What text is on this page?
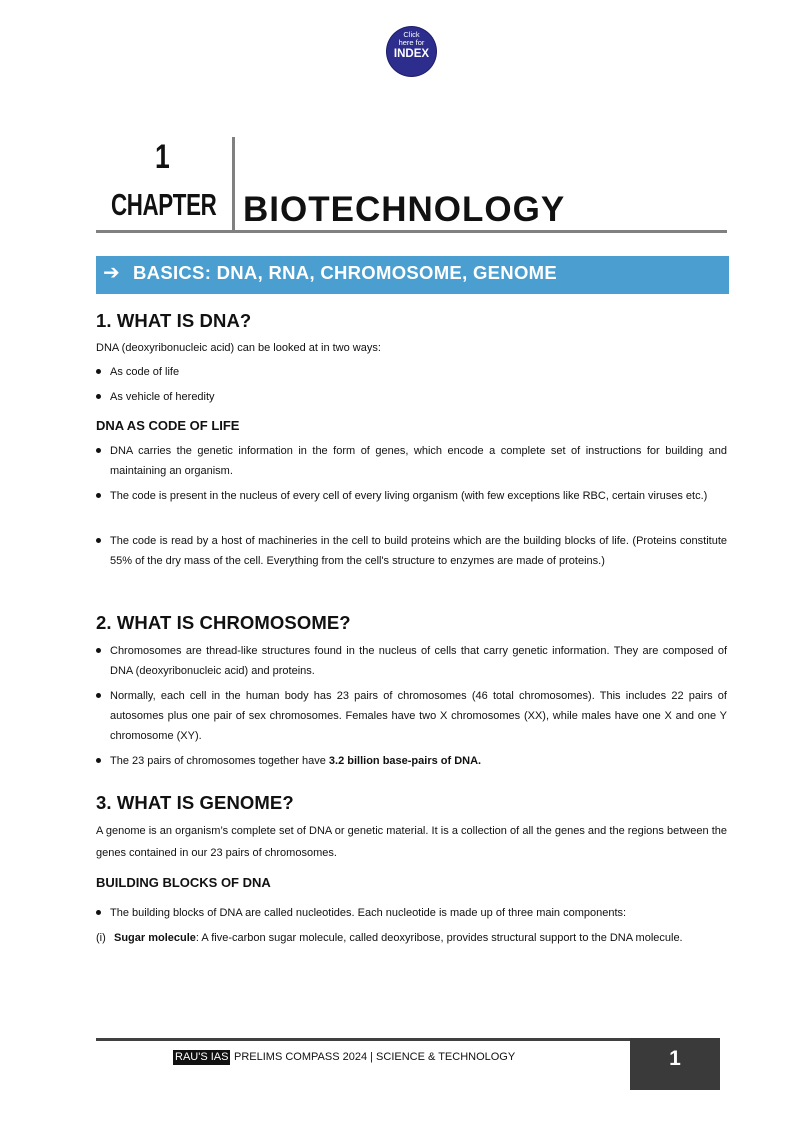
Click
here for
INDEX
1
CHAPTER BIOTECHNOLOGY
➔ BASICS: DNA, RNA, CHROMOSOME, GENOME
1. WHAT IS DNA?
DNA (deoxyribonucleic acid) can be looked at in two ways:
As code of life
As vehicle of heredity
DNA AS CODE OF LIFE
DNA carries the genetic information in the form of genes, which encode a complete set of instructions for building and maintaining an organism.
The code is present in the nucleus of every cell of every living organism (with few exceptions like RBC, certain viruses etc.)
The code is read by a host of machineries in the cell to build proteins which are the building blocks of life. (Proteins constitute 55% of the dry mass of the cell. Everything from the cell's structure to enzymes are made of proteins.)
2. WHAT IS CHROMOSOME?
Chromosomes are thread-like structures found in the nucleus of cells that carry genetic information. They are composed of DNA (deoxyribonucleic acid) and proteins.
Normally, each cell in the human body has 23 pairs of chromosomes (46 total chromosomes). This includes 22 pairs of autosomes plus one pair of sex chromosomes. Females have two X chromosomes (XX), while males have one X and one Y chromosome (XY).
The 23 pairs of chromosomes together have 3.2 billion base-pairs of DNA.
3. WHAT IS GENOME?
A genome is an organism’s complete set of DNA or genetic material. It is a collection of all the genes and the regions between the genes contained in our 23 pairs of chromosomes.
BUILDING BLOCKS OF DNA
The building blocks of DNA are called nucleotides. Each nucleotide is made up of three main components:
(i) Sugar molecule: A five-carbon sugar molecule, called deoxyribose, provides structural support to the DNA molecule.
RAU'S IAS PRELIMS COMPASS 2024 | SCIENCE & TECHNOLOGY	1
